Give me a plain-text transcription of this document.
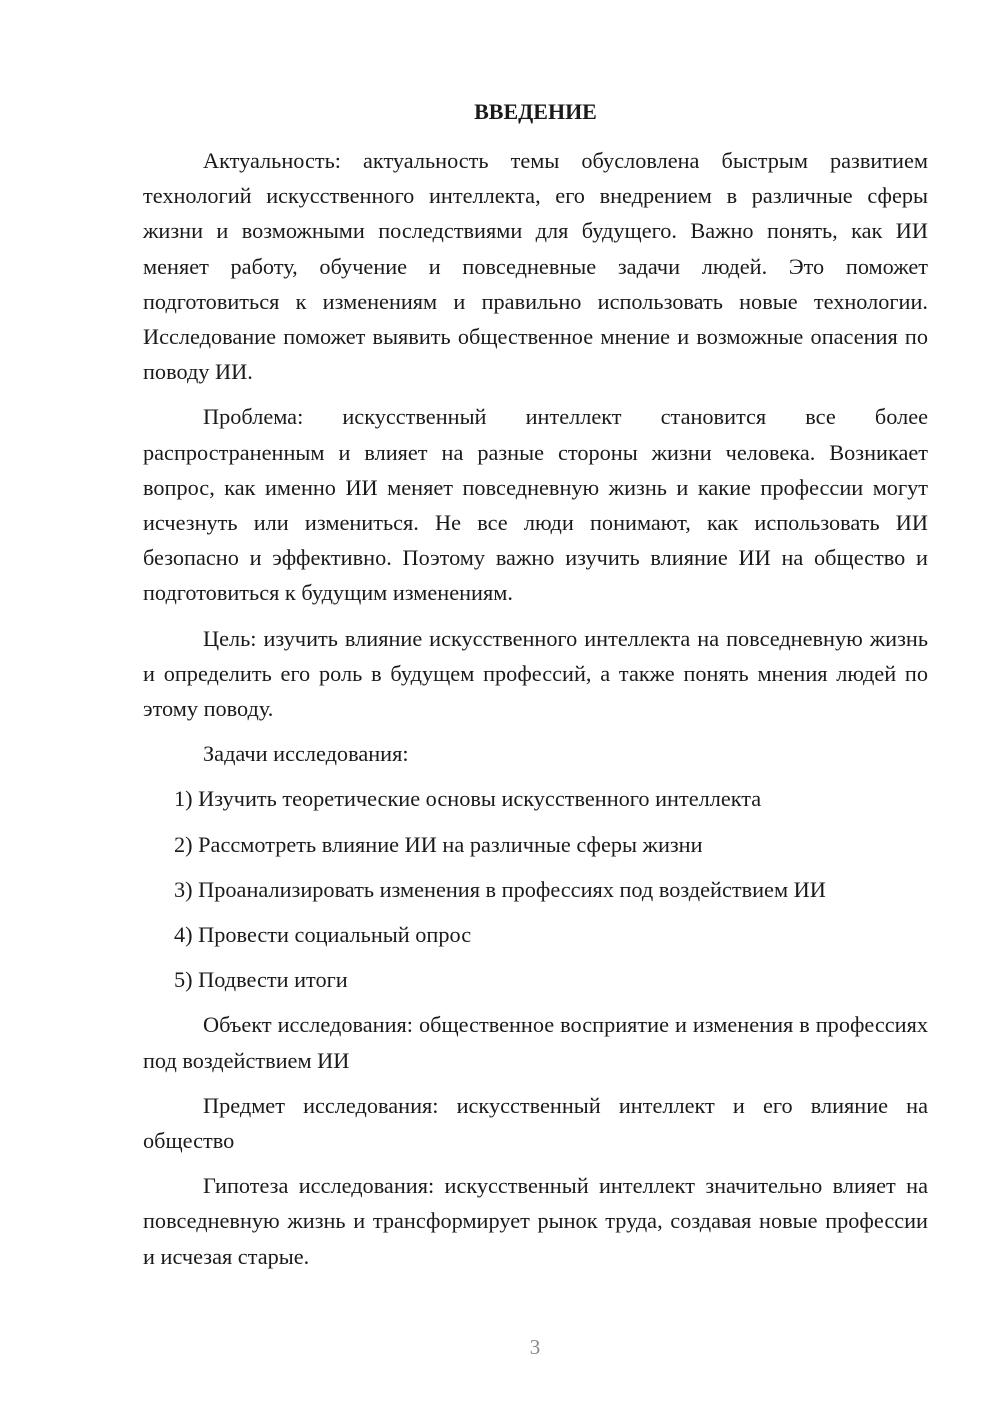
ВВЕДЕНИЕ

Актуальность: актуальность темы обусловлена быстрым развитием технологий искусственного интеллекта, его внедрением в различные сферы жизни и возможными последствиями для будущего. Важно понять, как ИИ меняет работу, обучение и повседневные задачи людей. Это поможет подготовиться к изменениям и правильно использовать новые технологии. Исследование поможет выявить общественное мнение и возможные опасения по поводу ИИ.

Проблема: искусственный интеллект становится все более распространенным и влияет на разные стороны жизни человека. Возникает вопрос, как именно ИИ меняет повседневную жизнь и какие профессии могут исчезнуть или измениться. Не все люди понимают, как использовать ИИ безопасно и эффективно. Поэтому важно изучить влияние ИИ на общество и подготовиться к будущим изменениям.

Цель: изучить влияние искусственного интеллекта на повседневную жизнь и определить его роль в будущем профессий, а также понять мнения людей по этому поводу.

Задачи исследования:

1) Изучить теоретические основы искусственного интеллекта

2) Рассмотреть влияние ИИ на различные сферы жизни

3) Проанализировать изменения в профессиях под воздействием ИИ

4) Провести социальный опрос

5) Подвести итоги

Объект исследования: общественное восприятие и изменения в профессиях под воздействием ИИ

Предмет исследования: искусственный интеллект и его влияние на общество

Гипотеза исследования: искусственный интеллект значительно влияет на повседневную жизнь и трансформирует рынок труда, создавая новые профессии и исчезая старые.

3
